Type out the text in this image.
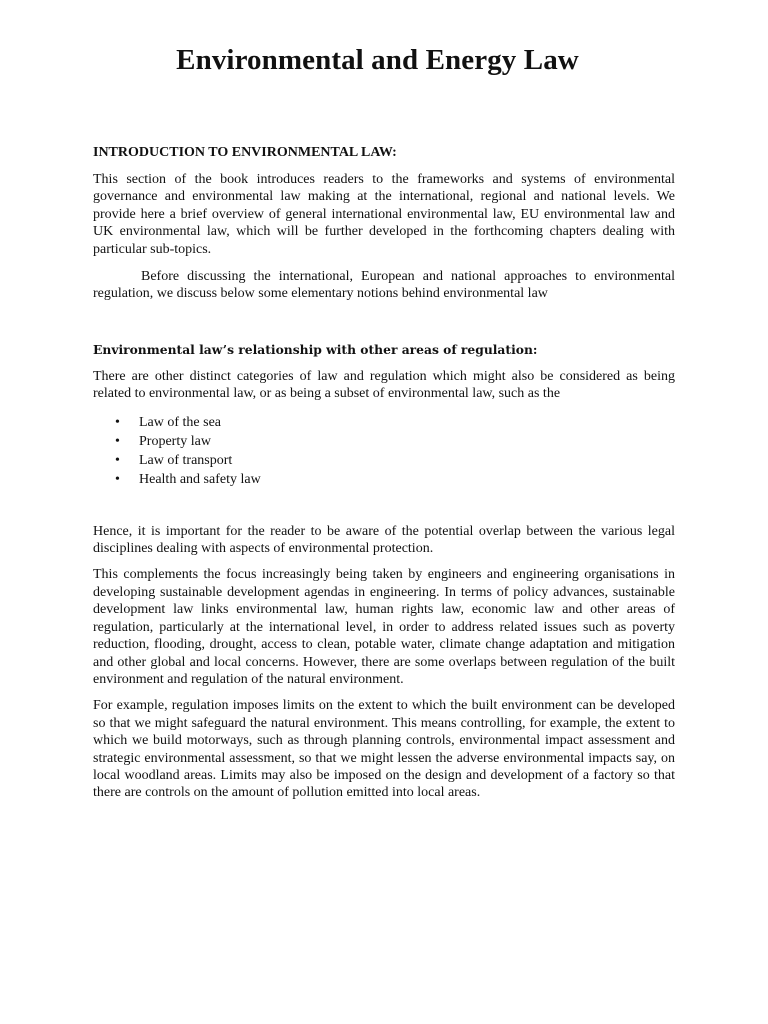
Environmental and Energy Law
INTRODUCTION TO ENVIRONMENTAL LAW:

This section of the book introduces readers to the frameworks and systems of environmental governance and environmental law making at the international, regional and national levels. We provide here a brief overview of general international environmental law, EU environmental law and UK environmental law, which will be further developed in the forthcoming chapters dealing with particular sub-topics.

Before discussing the international, European and national approaches to environmental regulation, we discuss below some elementary notions behind environmental law

Environmental law’s relationship with other areas of regulation:

There are other distinct categories of law and regulation which might also be considered as being related to environmental law, or as being a subset of environmental law, such as the

• Law of the sea
• Property law
• Law of transport
• Health and safety law

Hence, it is important for the reader to be aware of the potential overlap between the various legal disciplines dealing with aspects of environmental protection.

This complements the focus increasingly being taken by engineers and engineering organisations in developing sustainable development agendas in engineering. In terms of policy advances, sustainable development law links environmental law, human rights law, economic law and other areas of regulation, particularly at the international level, in order to address related issues such as poverty reduction, flooding, drought, access to clean, potable water, climate change adaptation and mitigation and other global and local concerns. However, there are some overlaps between regulation of the built environment and regulation of the natural environment.

For example, regulation imposes limits on the extent to which the built environment can be developed so that we might safeguard the natural environment. This means controlling, for example, the extent to which we build motorways, such as through planning controls, environmental impact assessment and strategic environmental assessment, so that we might lessen the adverse environmental impacts say, on local woodland areas. Limits may also be imposed on the design and development of a factory so that there are controls on the amount of pollution emitted into local areas.
